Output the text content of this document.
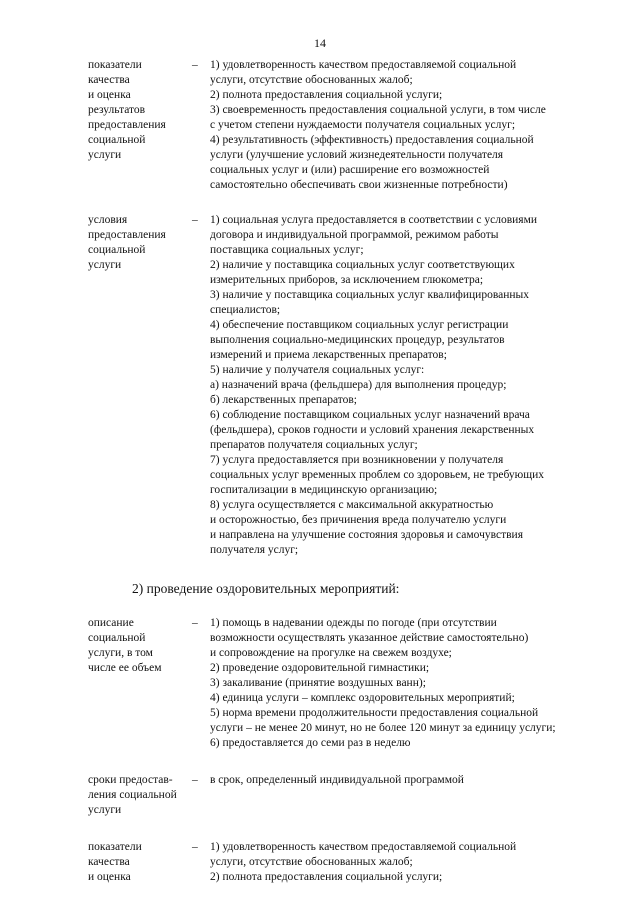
14
показатели
качества
и оценка
результатов
предоставления
социальной
услуги
–	1) удовлетворенность качеством предоставляемой социальной
услуги, отсутствие обоснованных жалоб;
2) полнота предоставления социальной услуги;
3) своевременность предоставления социальной услуги, в том числе
с учетом степени нуждаемости получателя социальных услуг;
4) результативность (эффективность) предоставления социальной
услуги (улучшение условий жизнедеятельности получателя
социальных услуг и (или) расширение его возможностей
самостоятельно обеспечивать свои жизненные потребности)
условия
предоставления
социальной
услуги
–	1) социальная услуга предоставляется в соответствии с условиями
договора и индивидуальной программой, режимом работы
поставщика социальных услуг;
2) наличие у поставщика социальных услуг соответствующих
измерительных приборов, за исключением глюкометра;
3) наличие у поставщика социальных услуг квалифицированных
специалистов;
4) обеспечение поставщиком социальных услуг регистрации
выполнения социально-медицинских процедур, результатов
измерений и приема лекарственных препаратов;
5) наличие у получателя социальных услуг:
а) назначений врача (фельдшера) для выполнения процедур;
б) лекарственных препаратов;
6) соблюдение поставщиком социальных услуг назначений врача
(фельдшера), сроков годности и условий хранения лекарственных
препаратов получателя социальных услуг;
7) услуга предоставляется при возникновении у получателя
социальных услуг временных проблем со здоровьем, не требующих
госпитализации в медицинскую организацию;
8) услуга осуществляется с максимальной аккуратностью
и осторожностью, без причинения вреда получателю услуги
и направлена на улучшение состояния здоровья и самочувствия
получателя услуг;
2) проведение оздоровительных мероприятий:
описание
социальной
услуги, в том
числе ее объем
–	1) помощь в надевании одежды по погоде (при отсутствии
возможности осуществлять указанное действие самостоятельно)
и сопровождение на прогулке на свежем воздухе;
2) проведение оздоровительной гимнастики;
3) закаливание (принятие воздушных ванн);
4) единица услуги – комплекс оздоровительных мероприятий;
5) норма времени продолжительности предоставления социальной
услуги – не менее 20 минут, но не более 120 минут за единицу услуги;
6) предоставляется до семи раз в неделю
сроки предостав-
ления социальной
услуги
–	в срок, определенный индивидуальной программой
показатели
качества
и оценка
–	1) удовлетворенность качеством предоставляемой социальной
услуги, отсутствие обоснованных жалоб;
2) полнота предоставления социальной услуги;
